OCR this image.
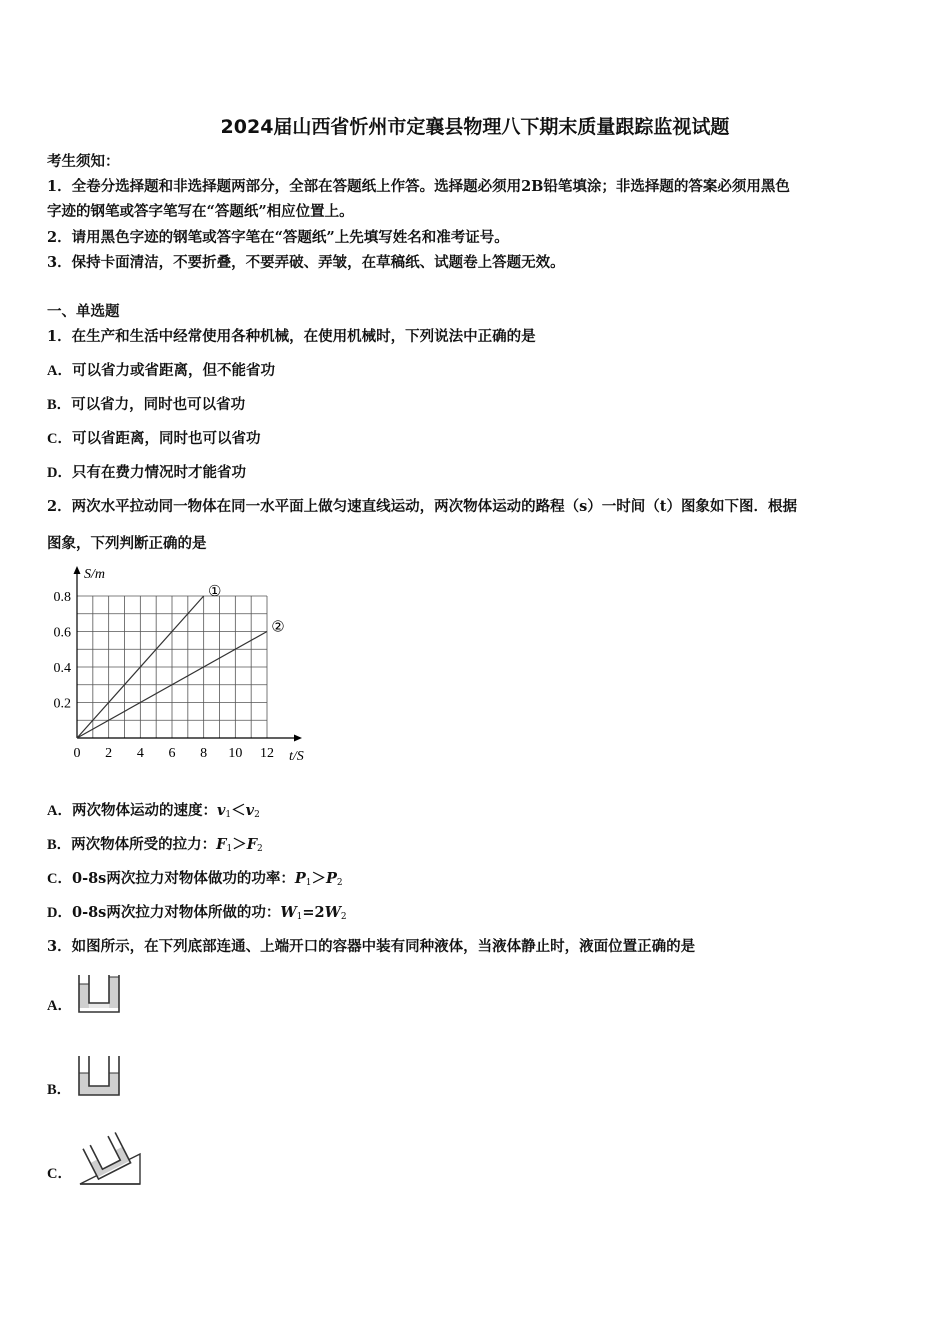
2024届山西省忻州市定襄县物理八下期末质量跟踪监视试题
考生须知：
1．全卷分选择题和非选择题两部分，全部在答题纸上作答。选择题必须用2B铅笔填涂；非选择题的答案必须用黑色
字迹的钢笔或答字笔写在“答题纸”相应位置上。
2．请用黑色字迹的钢笔或答字笔在“答题纸”上先填写姓名和准考证号。
3．保持卡面清洁，不要折叠，不要弄破、弄皱，在草稿纸、试题卷上答题无效。
一、单选题
1．在生产和生活中经常使用各种机械，在使用机械时，下列说法中正确的是
A．可以省力或省距离，但不能省功
B．可以省力，同时也可以省功
C．可以省距离，同时也可以省功
D．只有在费力情况时才能省功
2．两次水平拉动同一物体在同一水平面上做匀速直线运动，两次物体运动的路程（s）一时间（t）图象如下图．根据
图象，下列判断正确的是
①
②
0 2 4 6 8 10 12
0.2
0.4
0.6
0.8
S/m
t/S
A．两次物体运动的速度：$v_1<v_2$
B．两次物体所受的拉力：$F_1>F_2$
C．0-8s两次拉力对物体做功的功率：$P_1>P_2$
D．0-8s两次拉力对物体所做的功：$W_1=2W_2$
3．如图所示，在下列底部连通、上端开口的容器中装有同种液体，当液体静止时，液面位置正确的是
A．
B．
C．
